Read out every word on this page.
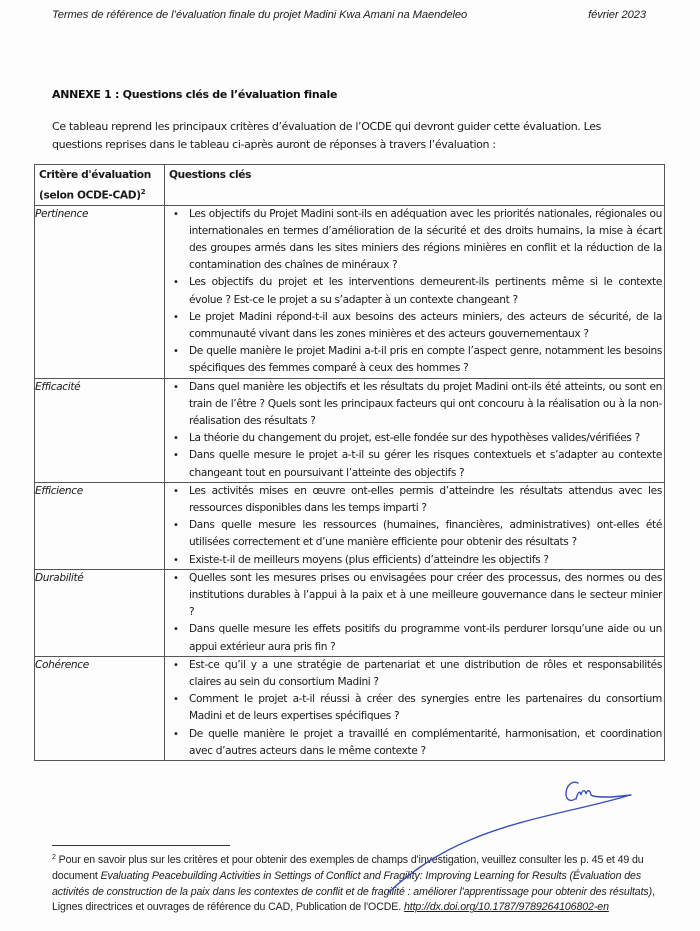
Termes de référence de l’évaluation finale du projet Madini Kwa Amani na Maendeleo	février 2023
ANNEXE 1 : Questions clés de l’évaluation finale
Ce tableau reprend les principaux critères d’évaluation de l’OCDE qui devront guider cette évaluation. Les questions reprises dans le tableau ci-après auront de réponses à travers l’évaluation :
Critère d'évaluation (selon OCDE-CAD)$^2$	Questions clés
Pertinence	• Les objectifs du Projet Madini sont-ils en adéquation avec les priorités nationales, régionales ou internationales en termes d’amélioration de la sécurité et des droits humains, la mise à écart des groupes armés dans les sites miniers des régions minières en conflit et la réduction de la contamination des chaînes de minéraux ?
• Les objectifs du projet et les interventions demeurent-ils pertinents même si le contexte évolue ? Est-ce le projet a su s’adapter à un contexte changeant ?
• Le projet Madini répond-t-il aux besoins des acteurs miniers, des acteurs de sécurité, de la communauté vivant dans les zones minières et des acteurs gouvernementaux ?
• De quelle manière le projet Madini a-t-il pris en compte l’aspect genre, notamment les besoins spécifiques des femmes comparé à ceux des hommes ?

Efficacité	• Dans quel manière les objectifs et les résultats du projet Madini ont-ils été atteints, ou sont en train de l’être ? Quels sont les principaux facteurs qui ont concouru à la réalisation ou à la non-réalisation des résultats ?
• La théorie du changement du projet, est-elle fondée sur des hypothèses valides/vérifiées ?
• Dans quelle mesure le projet a-t-il su gérer les risques contextuels et s’adapter au contexte changeant tout en poursuivant l’atteinte des objectifs ?

Efficience	• Les activités mises en œuvre ont-elles permis d’atteindre les résultats attendus avec les ressources disponibles dans les temps imparti ?
• Dans quelle mesure les ressources (humaines, financières, administratives) ont-elles été utilisées correctement et d’une manière efficiente pour obtenir des résultats ?
• Existe-t-il de meilleurs moyens (plus efficients) d’atteindre les objectifs ?

Durabilité	• Quelles sont les mesures prises ou envisagées pour créer des processus, des normes ou des institutions durables à l’appui à la paix et à une meilleure gouvernance dans le secteur minier ?
• Dans quelle mesure les effets positifs du programme vont-ils perdurer lorsqu’une aide ou un appui extérieur aura pris fin ?

Cohérence	• Est-ce qu’il y a une stratégie de partenariat et une distribution de rôles et responsabilités claires au sein du consortium Madini ?
• Comment le projet a-t-il réussi à créer des synergies entre les partenaires du consortium Madini et de leurs expertises spécifiques ?
• De quelle manière le projet a travaillé en complémentarité, harmonisation, et coordination avec d’autres acteurs dans le même contexte ?
$^2$ Pour en savoir plus sur les critères et pour obtenir des exemples de champs d'investigation, veuillez consulter les p. 45 et 49 du document Evaluating Peacebuilding Activities in Settings of Conflict and Fragility: Improving Learning for Results (Évaluation des activités de construction de la paix dans les contextes de conflit et de fragilité : améliorer l'apprentissage pour obtenir des résultats), Lignes directrices et ouvrages de référence du CAD, Publication de l'OCDE. http://dx.doi.org/10.1787/9789264106802-en
